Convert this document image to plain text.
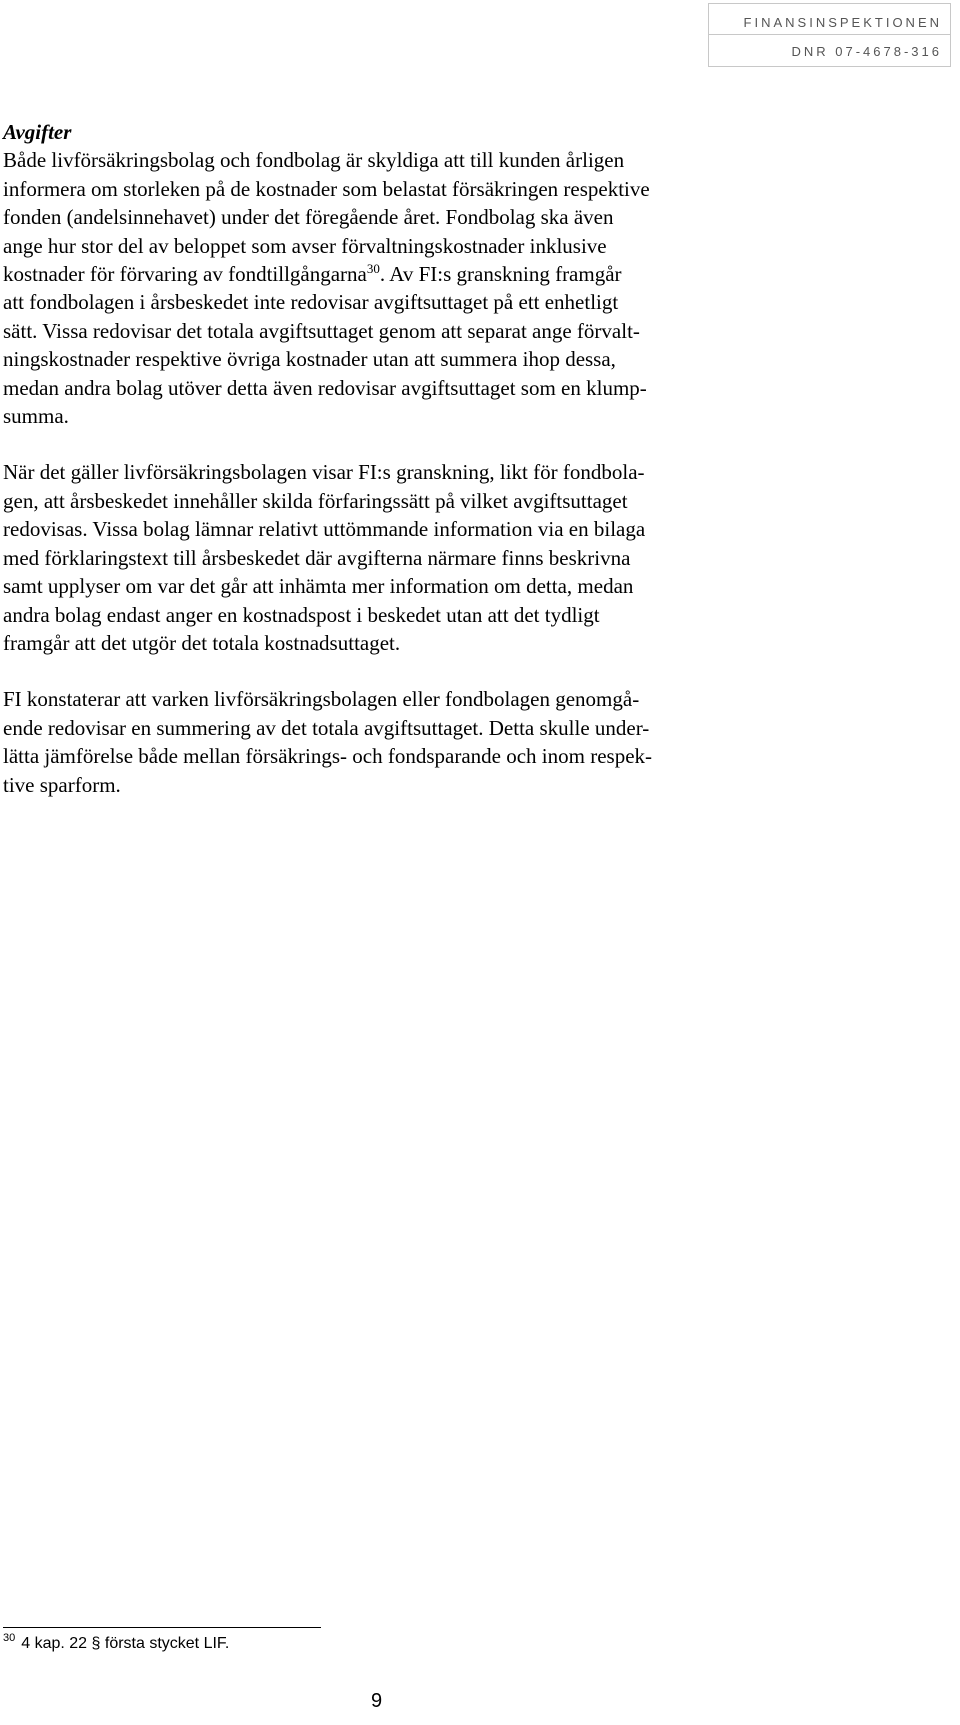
FINANSINSPEKTIONEN
DNR 07-4678-316
Avgifter
Både livförsäkringsbolag och fondbolag är skyldiga att till kunden årligen
informera om storleken på de kostnader som belastat försäkringen respektive
fonden (andelsinnehavet) under det föregående året. Fondbolag ska även
ange hur stor del av beloppet som avser förvaltningskostnader inklusive
kostnader för förvaring av fondtillgångarna$^{30}$. Av FI:s granskning framgår
att fondbolagen i årsbeskedet inte redovisar avgiftsuttaget på ett enhetligt
sätt. Vissa redovisar det totala avgiftsuttaget genom att separat ange förvalt-
ningskostnader respektive övriga kostnader utan att summera ihop dessa,
medan andra bolag utöver detta även redovisar avgiftsuttaget som en klump-
summa.
När det gäller livförsäkringsbolagen visar FI:s granskning, likt för fondbola-
gen, att årsbeskedet innehåller skilda förfaringssätt på vilket avgiftsuttaget
redovisas. Vissa bolag lämnar relativt uttömmande information via en bilaga
med förklaringstext till årsbeskedet där avgifterna närmare finns beskrivna
samt upplyser om var det går att inhämta mer information om detta, medan
andra bolag endast anger en kostnadspost i beskedet utan att det tydligt
framgår att det utgör det totala kostnadsuttaget.
FI konstaterar att varken livförsäkringsbolagen eller fondbolagen genomgå-
ende redovisar en summering av det totala avgiftsuttaget. Detta skulle under-
lätta jämförelse både mellan försäkrings- och fondsparande och inom respek-
tive sparform.
$^{30}$ 4 kap. 22 § första stycket LIF.
9
